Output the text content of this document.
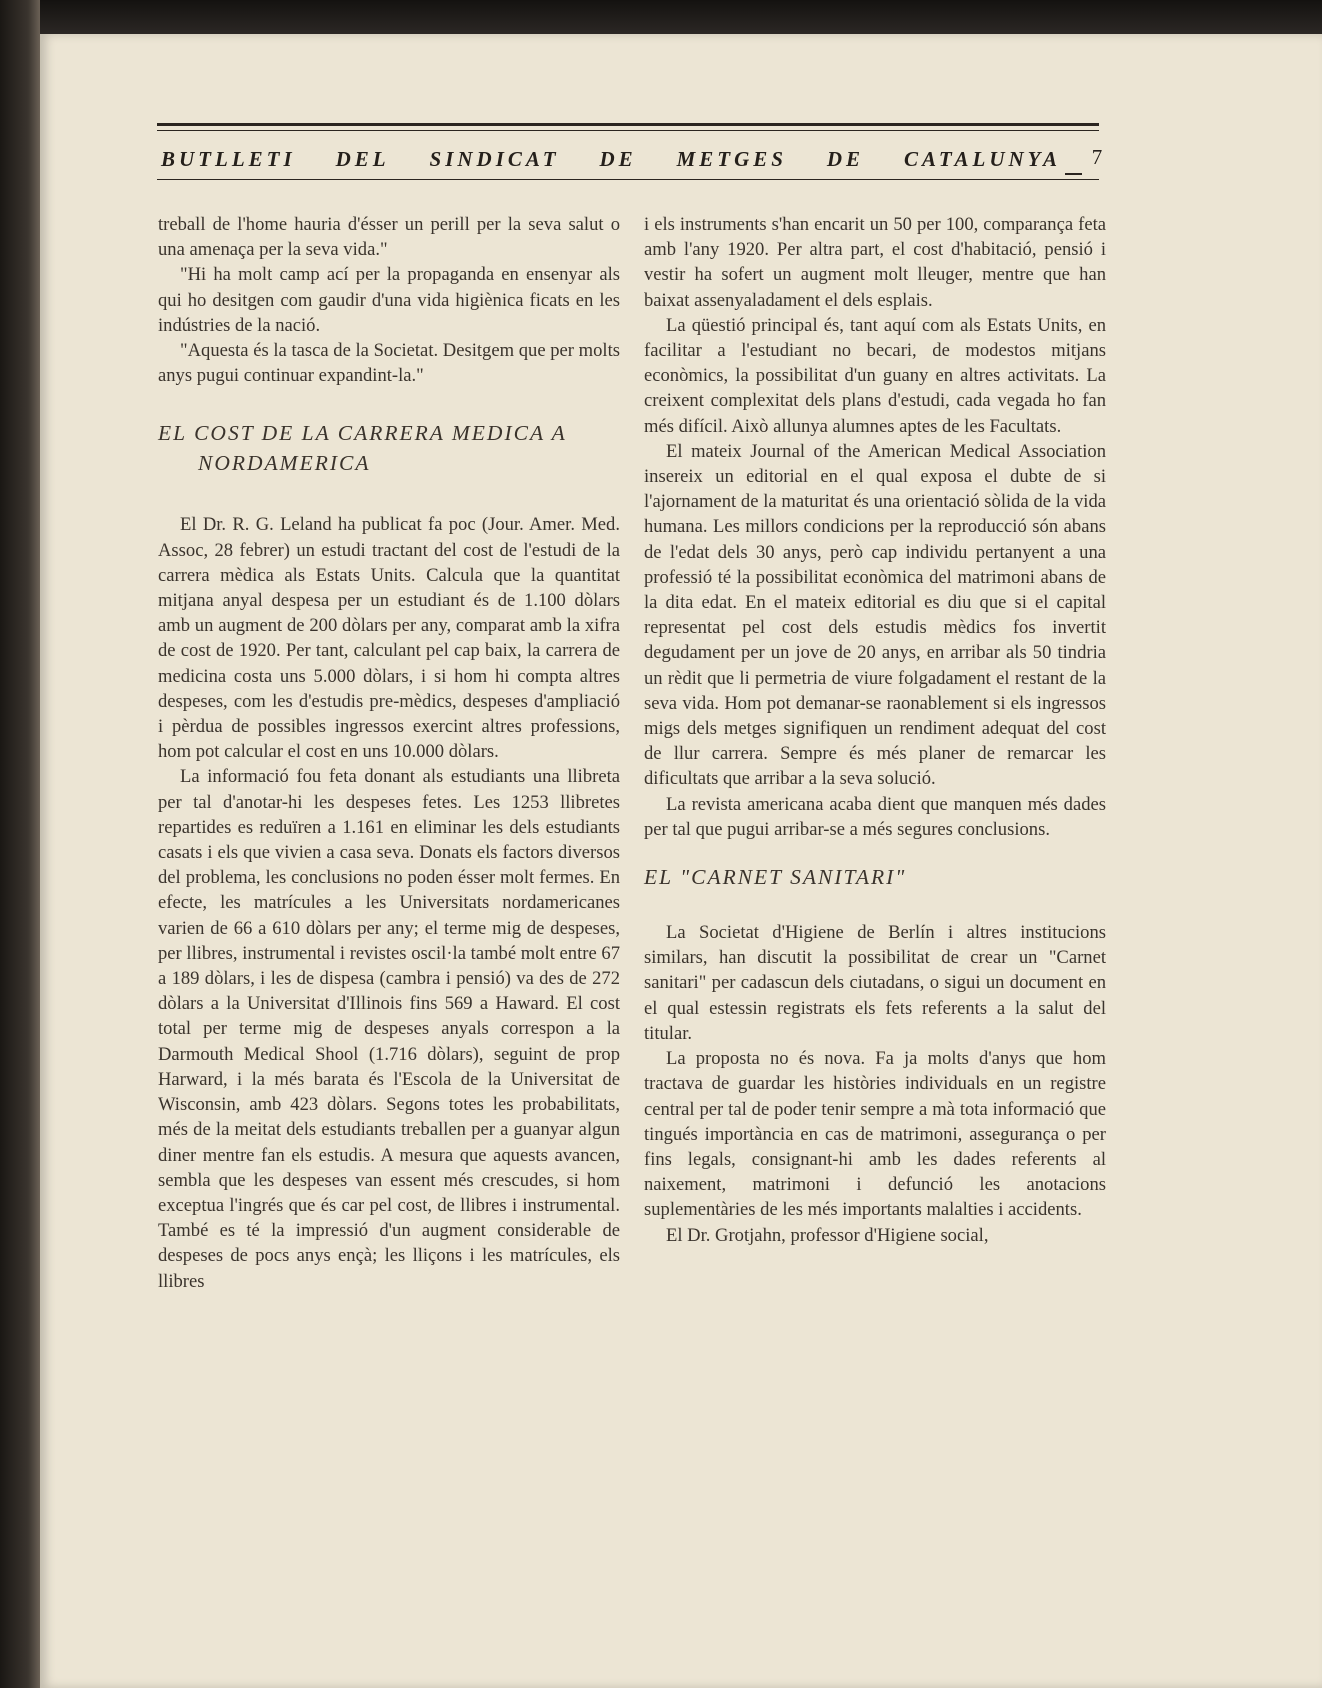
BUTLLETI DEL SINDICAT DE METGES DE CATALUNYA	7

treball de l'home hauria d'ésser un perill per la seva salut o una amenaça per la seva vida."

"Hi ha molt camp ací per la propaganda en ensenyar als qui ho desitgen com gaudir d'una vida higiènica ficats en les indústries de la nació.

"Aquesta és la tasca de la Societat. Desitgem que per molts anys pugui continuar expandint-la."

EL COST DE LA CARRERA MEDICA A
NORDAMERICA

El Dr. R. G. Leland ha publicat fa poc (Jour. Amer. Med. Assoc, 28 febrer) un estudi tractant del cost de l'estudi de la carrera mèdica als Estats Units. Calcula que la quantitat mitjana anyal despesa per un estudiant és de 1.100 dòlars amb un augment de 200 dòlars per any, comparat amb la xifra de cost de 1920. Per tant, calculant pel cap baix, la carrera de medicina costa uns 5.000 dòlars, i si hom hi compta altres despeses, com les d'estudis pre-mèdics, despeses d'ampliació i pèrdua de possibles ingressos exercint altres professions, hom pot calcular el cost en uns 10.000 dòlars.

La informació fou feta donant als estudiants una llibreta per tal d'anotar-hi les despeses fetes. Les 1253 llibretes repartides es reduïren a 1.161 en eliminar les dels estudiants casats i els que vivien a casa seva. Donats els factors diversos del problema, les conclusions no poden ésser molt fermes. En efecte, les matrícules a les Universitats nordamericanes varien de 66 a 610 dòlars per any; el terme mig de despeses, per llibres, instrumental i revistes oscil·la també molt entre 67 a 189 dòlars, i les de dispesa (cambra i pensió) va des de 272 dòlars a la Universitat d'Illinois fins 569 a Haward. El cost total per terme mig de despeses anyals correspon a la Darmouth Medical Shool (1.716 dòlars), seguint de prop Harward, i la més barata és l'Escola de la Universitat de Wisconsin, amb 423 dòlars. Segons totes les probabilitats, més de la meitat dels estudiants treballen per a guanyar algun diner mentre fan els estudis. A mesura que aquests avancen, sembla que les despeses van essent més crescudes, si hom exceptua l'ingrés que és car pel cost, de llibres i instrumental. També es té la impressió d'un augment considerable de despeses de pocs anys ençà; les lliçons i les matrícules, els llibres

i els instruments s'han encarit un 50 per 100, comparança feta amb l'any 1920. Per altra part, el cost d'habitació, pensió i vestir ha sofert un augment molt lleuger, mentre que han baixat assenyaladament el dels esplais.

La qüestió principal és, tant aquí com als Estats Units, en facilitar a l'estudiant no becari, de modestos mitjans econòmics, la possibilitat d'un guany en altres activitats. La creixent complexitat dels plans d'estudi, cada vegada ho fan més difícil. Això allunya alumnes aptes de les Facultats.

El mateix Journal of the American Medical Association insereix un editorial en el qual exposa el dubte de si l'ajornament de la maturitat és una orientació sòlida de la vida humana. Les millors condicions per la reproducció són abans de l'edat dels 30 anys, però cap individu pertanyent a una professió té la possibilitat econòmica del matrimoni abans de la dita edat. En el mateix editorial es diu que si el capital representat pel cost dels estudis mèdics fos invertit degudament per un jove de 20 anys, en arribar als 50 tindria un rèdit que li permetria de viure folgadament el restant de la seva vida. Hom pot demanar-se raonablement si els ingressos migs dels metges signifiquen un rendiment adequat del cost de llur carrera. Sempre és més planer de remarcar les dificultats que arribar a la seva solució.

La revista americana acaba dient que manquen més dades per tal que pugui arribar-se a més segures conclusions.

EL "CARNET SANITARI"

La Societat d'Higiene de Berlín i altres institucions similars, han discutit la possibilitat de crear un "Carnet sanitari" per cadascun dels ciutadans, o sigui un document en el qual estessin registrats els fets referents a la salut del titular.

La proposta no és nova. Fa ja molts d'anys que hom tractava de guardar les històries individuals en un registre central per tal de poder tenir sempre a mà tota informació que tingués importància en cas de matrimoni, assegurança o per fins legals, consignant-hi amb les dades referents al naixement, matrimoni i defunció les anotacions suplementàries de les més importants malalties i accidents.

El Dr. Grotjahn, professor d'Higiene social,
